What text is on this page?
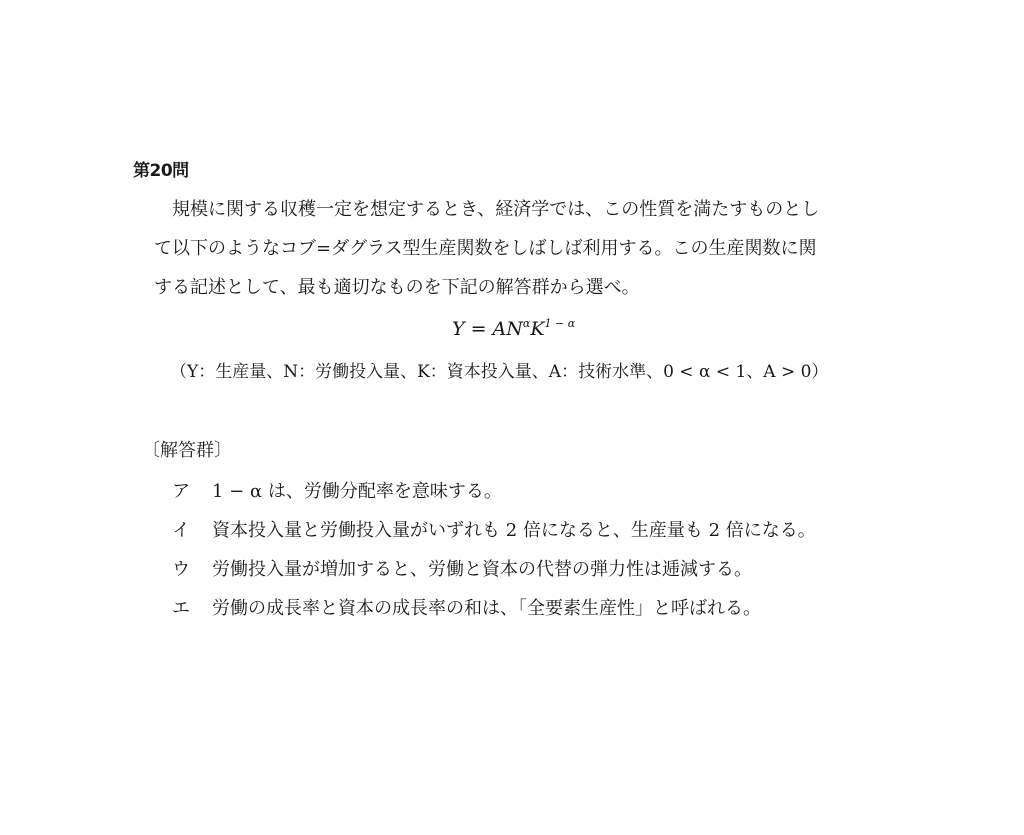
第20問
規模に関する収穫一定を想定するとき、経済学では、この性質を満たすものとし
て以下のようなコブ=ダグラス型生産関数をしばしば利用する。この生産関数に関
する記述として、最も適切なものを下記の解答群から選べ。
$Y = AN^\alpha K^{1 - \alpha}$
（Y：生産量、N：労働投入量、K：資本投入量、A：技術水準、0 < α < 1、A > 0）
〔解答群〕
ア 1 − α は、労働分配率を意味する。
イ 資本投入量と労働投入量がいずれも 2 倍になると、生産量も 2 倍になる。
ウ 労働投入量が増加すると、労働と資本の代替の弾力性は逓減する。
エ 労働の成長率と資本の成長率の和は、「全要素生産性」と呼ばれる。
